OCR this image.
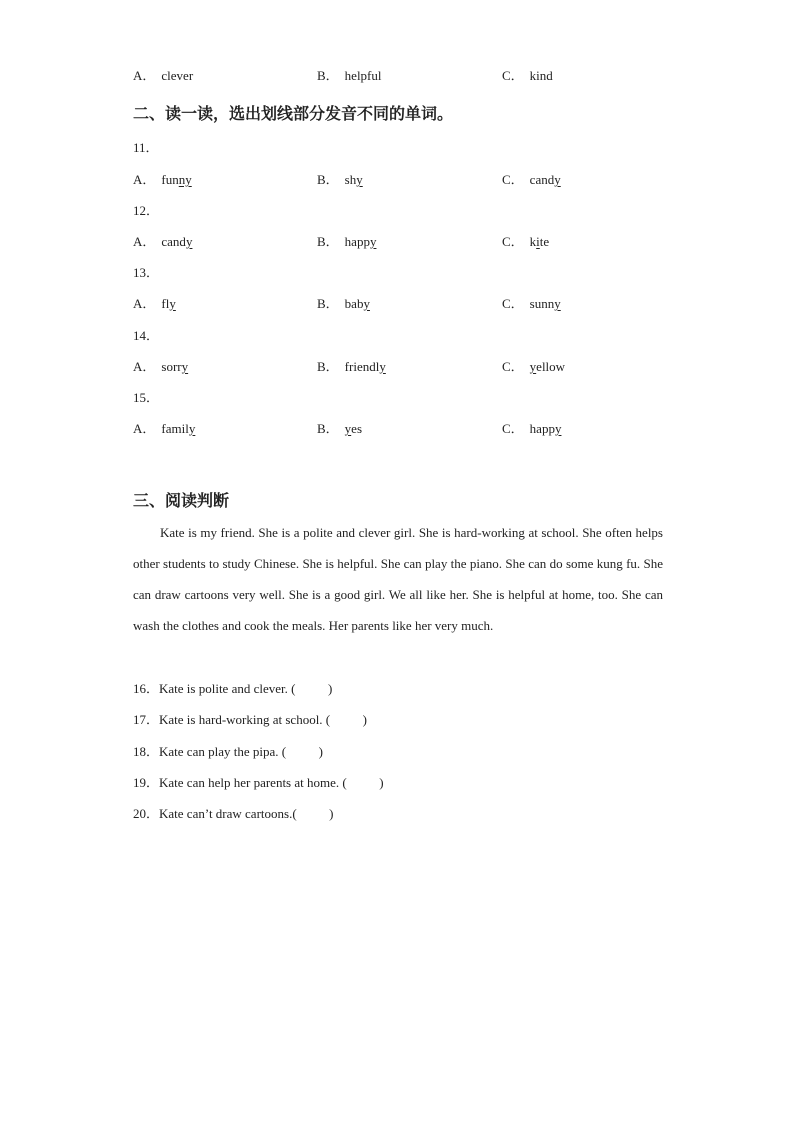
A． clever	B． helpful	C． kind
二、读一读，选出划线部分发音不同的单词。
11．
A． funny	B． shy	C． candy
12．
A． candy	B． happy	C． kite
13．
A． fly	B． baby	C． sunny
14．
A． sorry	B． friendly	C． yellow
15．
A． family	B． yes	C． happy
三、阅读判断
Kate is my friend. She is a polite and clever girl. She is hard-working at school. She often helps other students to study Chinese. She is helpful. She can play the piano. She can do some kung fu. She can draw cartoons very well. She is a good girl. We all like her. She is helpful at home, too. She can wash the clothes and cook the meals. Her parents like her very much.
16．Kate is polite and clever. (	)
17．Kate is hard-working at school. (	)
18．Kate can play the pipa. (	)
19．Kate can help her parents at home. (	)
20．Kate can’t draw cartoons.(	)
